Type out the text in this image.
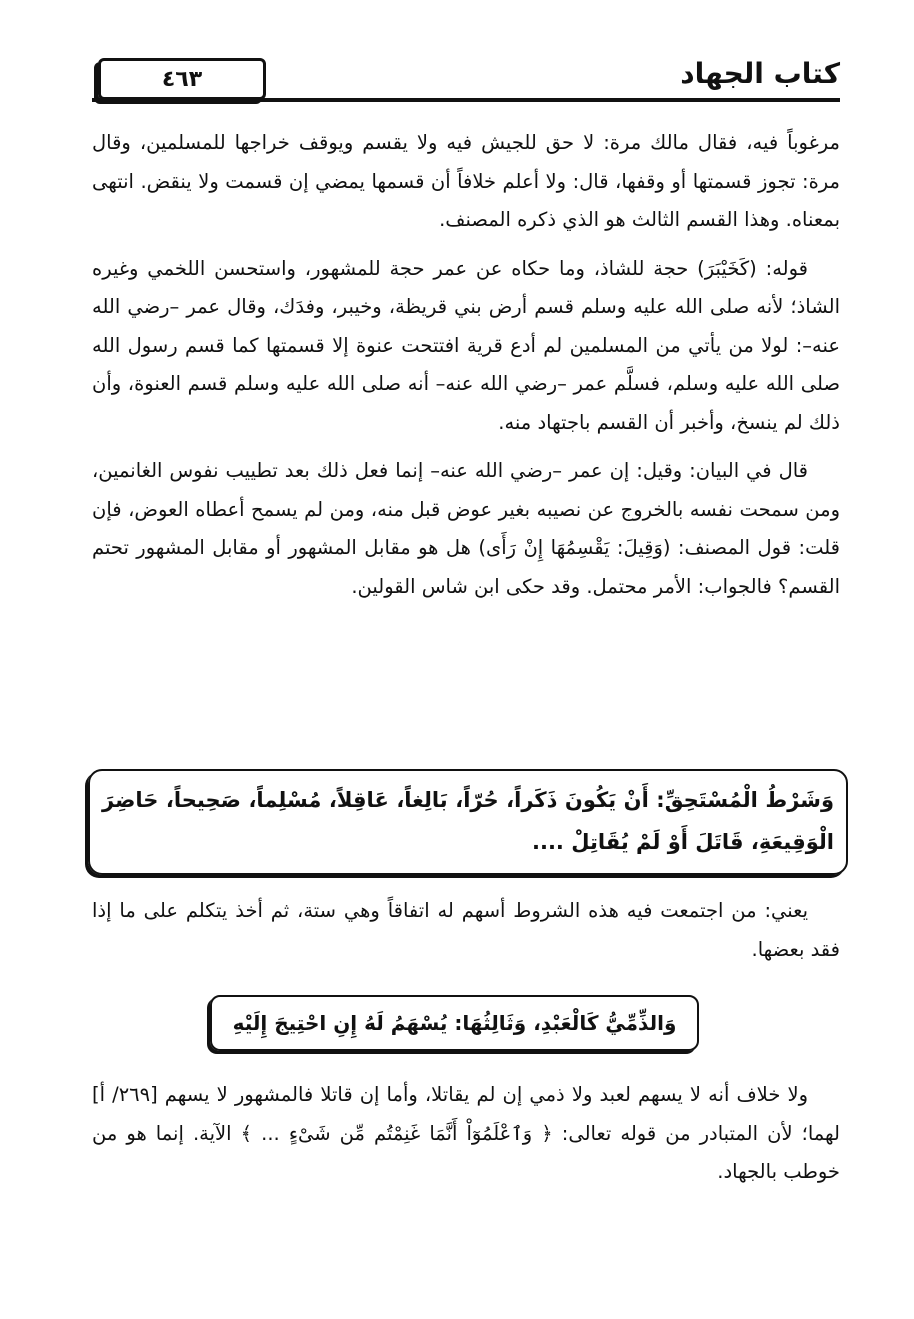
٤٦٣	كتاب الجهاد

مرغوباً فيه، فقال مالك مرة: لا حق للجيش فيه ولا يقسم ويوقف خراجها للمسلمين، وقال مرة: تجوز قسمتها أو وقفها، قال: ولا أعلم خلافاً أن قسمها يمضي إن قسمت ولا ينقض. انتهى بمعناه. وهذا القسم الثالث هو الذي ذكره المصنف.

قوله: (كَخَيْبَرَ) حجة للشاذ، وما حكاه عن عمر حجة للمشهور، واستحسن اللخمي وغيره الشاذ؛ لأنه صلى الله عليه وسلم قسم أرض بني قريظة، وخيبر، وفدَك، وقال عمر –رضي الله عنه–: لولا من يأتي من المسلمين لم أدع قرية افتتحت عنوة إلا قسمتها كما قسم رسول الله صلى الله عليه وسلم، فسلَّم عمر –رضي الله عنه– أنه صلى الله عليه وسلم قسم العنوة، وأن ذلك لم ينسخ، وأخبر أن القسم باجتهاد منه.

قال في البيان: وقيل: إن عمر –رضي الله عنه– إنما فعل ذلك بعد تطييب نفوس الغانمين، ومن سمحت نفسه بالخروج عن نصيبه بغير عوض قبل منه، ومن لم يسمح أعطاه العوض، فإن قلت: قول المصنف: (وَقِيلَ: يَقْسِمُهَا إِنْ رَأَى) هل هو مقابل المشهور أو مقابل المشهور تحتم القسم؟ فالجواب: الأمر محتمل. وقد حكى ابن شاس القولين.

وَشَرْطُ الْمُسْتَحِقِّ: أَنْ يَكُونَ ذَكَراً، حُرّاً، بَالِغاً، عَاقِلاً، مُسْلِماً، صَحِيحاً، حَاضِرَ الْوَقِيعَةِ، قَاتَلَ أَوْ لَمْ يُقَاتِلْ ....

يعني: من اجتمعت فيه هذه الشروط أسهم له اتفاقاً وهي ستة، ثم أخذ يتكلم على ما إذا فقد بعضها.

وَالذِّمِّيُّ كَالْعَبْدِ، وَثَالِثُهَا: يُسْهَمُ لَهُ إِنِ احْتِيجَ إِلَيْهِ

ولا خلاف أنه لا يسهم لعبد ولا ذمي إن لم يقاتلا، وأما إن قاتلا فالمشهور لا يسهم [٢٦٩/ أ] لهما؛ لأن المتبادر من قوله تعالى: ﴿ وَٱعْلَمُوٓاْ أَنَّمَا غَنِمْتُم مِّن شَىْءٍ ... ﴾ الآية. إنما هو من خوطب بالجهاد.
